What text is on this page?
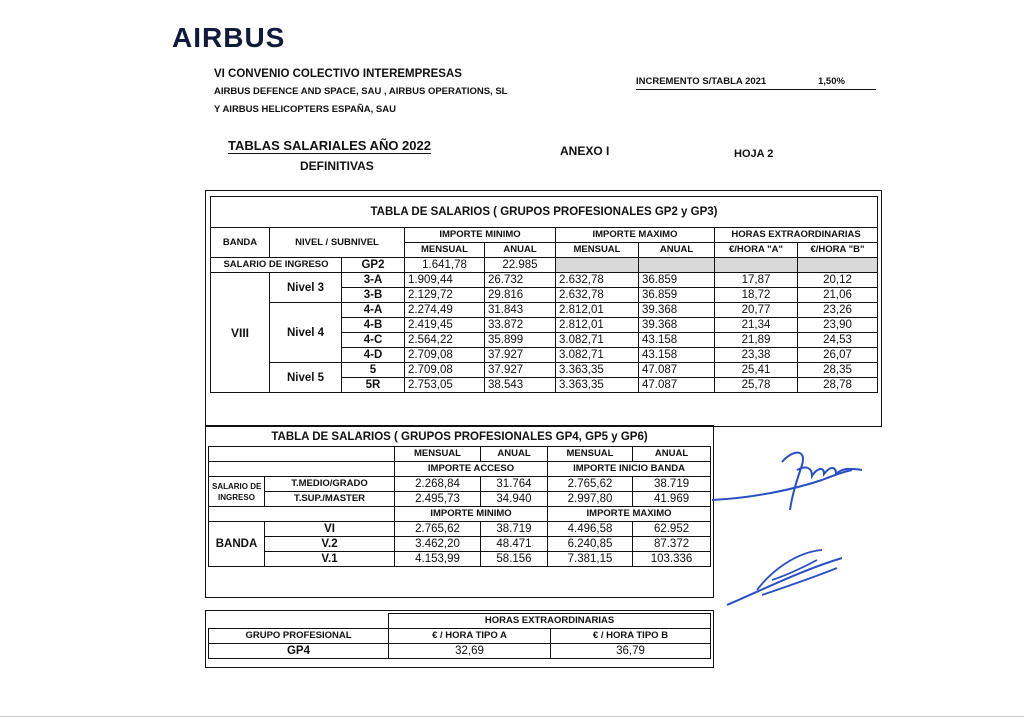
AIRBUS
VI CONVENIO COLECTIVO INTEREMPRESAS
AIRBUS DEFENCE AND SPACE, SAU , AIRBUS OPERATIONS, SL
Y AIRBUS HELICOPTERS ESPAÑA, SAU
INCREMENTO S/TABLA 2021	1,50%
TABLAS SALARIALES AÑO 2022
DEFINITIVAS
ANEXO I	HOJA 2
TABLA DE SALARIOS ( GRUPOS PROFESIONALES GP2 y GP3)								
BANDA	NIVEL / SUBNIVEL		IMPORTE MINIMO		IMPORTE MAXIMO		HORAS EXTRAORDINARIAS	
			MENSUAL	ANUAL	MENSUAL	ANUAL	€/HORA "A"	€/HORA "B"
SALARIO DE INGRESO		GP2	1.641,78	22.985				
VIII	Nivel 3	3-A	1.909,44	26.732	2.632,78	36.859	17,87	20,12
		3-B	2.129,72	29.816	2.632,78	36.859	18,72	21,06
	Nivel 4	4-A	2.274,49	31.843	2.812,01	39.368	20,77	23,26
		4-B	2.419,45	33.872	2.812,01	39.368	21,34	23,90
		4-C	2.564,22	35.899	3.082,71	43.158	21,89	24,53
		4-D	2.709,08	37.927	3.082,71	43.158	23,38	26,07
	Nivel 5	5	2.709,08	37.927	3.363,35	47.087	25,41	28,35
		5R	2.753,05	38.543	3.363,35	47.087	25,78	28,78
TABLA DE SALARIOS ( GRUPOS PROFESIONALES GP4, GP5 y GP6)					
		MENSUAL	ANUAL	MENSUAL	ANUAL
		IMPORTE ACCESO		IMPORTE INICIO BANDA	

SALARIO DE
INGRESO	T.MEDIO/GRADO	2.268,84	31.764	2.765,62	38.719
	T.SUP./MASTER	2.495,73	34.940	2.997,80	41.969
		IMPORTE MINIMO		IMPORTE MAXIMO	
BANDA	VI	2.765,62	38.719	4.496,58	62.952
	V.2	3.462,20	48.471	6.240,85	87.372
	V.1	4.153,99	58.156	7.381,15	103.336
	HORAS EXTRAORDINARIAS	
GRUPO PROFESIONAL	€ / HORA TIPO A	€ / HORA TIPO B
GP4	32,69	36,79
